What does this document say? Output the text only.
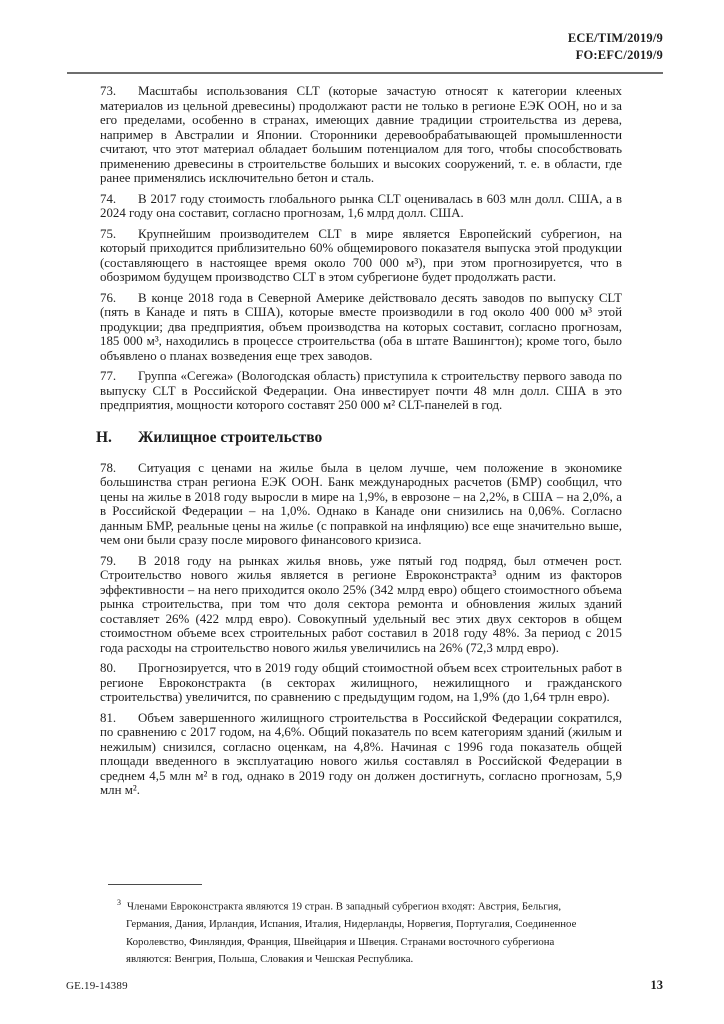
ECE/TIM/2019/9
FO:EFC/2019/9

73. Масштабы использования CLT (которые зачастую относят к категории клееных материалов из цельной древесины) продолжают расти не только в регионе ЕЭК ООН, но и за его пределами, особенно в странах, имеющих давние традиции строительства из дерева, например в Австралии и Японии. Сторонники деревообрабатывающей промышленности считают, что этот материал обладает большим потенциалом для того, чтобы способствовать применению древесины в строительстве больших и высоких сооружений, т. е. в области, где ранее применялись исключительно бетон и сталь.

74. В 2017 году стоимость глобального рынка CLT оценивалась в 603 млн долл. США, а в 2024 году она составит, согласно прогнозам, 1,6 млрд долл. США.

75. Крупнейшим производителем CLT в мире является Европейский субрегион, на который приходится приблизительно 60% общемирового показателя выпуска этой продукции (составляющего в настоящее время около 700 000 м³), при этом прогнозируется, что в обозримом будущем производство CLT в этом субрегионе будет продолжать расти.

76. В конце 2018 года в Северной Америке действовало десять заводов по выпуску CLT (пять в Канаде и пять в США), которые вместе производили в год около 400 000 м³ этой продукции; два предприятия, объем производства на которых составит, согласно прогнозам, 185 000 м³, находились в процессе строительства (оба в штате Вашингтон); кроме того, было объявлено о планах возведения еще трех заводов.

77. Группа «Сегежа» (Вологодская область) приступила к строительству первого завода по выпуску CLT в Российской Федерации. Она инвестирует почти 48 млн долл. США в это предприятия, мощности которого составят 250 000 м² CLT-панелей в год.

H.	Жилищное строительство

78. Ситуация с ценами на жилье была в целом лучше, чем положение в экономике большинства стран региона ЕЭК ООН. Банк международных расчетов (БМР) сообщил, что цены на жилье в 2018 году выросли в мире на 1,9%, в еврозоне – на 2,2%, в США – на 2,0%, а в Российской Федерации – на 1,0%. Однако в Канаде они снизились на 0,06%. Согласно данным БМР, реальные цены на жилье (с поправкой на инфляцию) все еще значительно выше, чем они были сразу после мирового финансового кризиса.

79. В 2018 году на рынках жилья вновь, уже пятый год подряд, был отмечен рост. Строительство нового жилья является в регионе Евроконстракта³ одним из факторов эффективности – на него приходится около 25% (342 млрд евро) общего стоимостного объема рынка строительства, при том что доля сектора ремонта и обновления жилых зданий составляет 26% (422 млрд евро). Совокупный удельный вес этих двух секторов в общем стоимостном объеме всех строительных работ составил в 2018 году 48%. За период с 2015 года расходы на строительство нового жилья увеличились на 26% (72,3 млрд евро).

80. Прогнозируется, что в 2019 году общий стоимостной объем всех строительных работ в регионе Евроконстракта (в секторах жилищного, нежилищного и гражданского строительства) увеличится, по сравнению с предыдущим годом, на 1,9% (до 1,64 трлн евро).

81. Объем завершенного жилищного строительства в Российской Федерации сократился, по сравнению с 2017 годом, на 4,6%. Общий показатель по всем категориям зданий (жилым и нежилым) снизился, согласно оценкам, на 4,8%. Начиная с 1996 года показатель общей площади введенного в эксплуатацию нового жилья составлял в Российской Федерации в среднем 4,5 млн м² в год, однако в 2019 году он должен достигнуть, согласно прогнозам, 5,9 млн м².

$^3$ Членами Евроконстракта являются 19 стран. В западный субрегион входят: Австрия, Бельгия, Германия, Дания, Ирландия, Испания, Италия, Нидерланды, Норвегия, Португалия, Соединенное Королевство, Финляндия, Франция, Швейцария и Швеция. Странами восточного субрегиона являются: Венгрия, Польша, Словакия и Чешская Республика.
GE.19-14389	13
